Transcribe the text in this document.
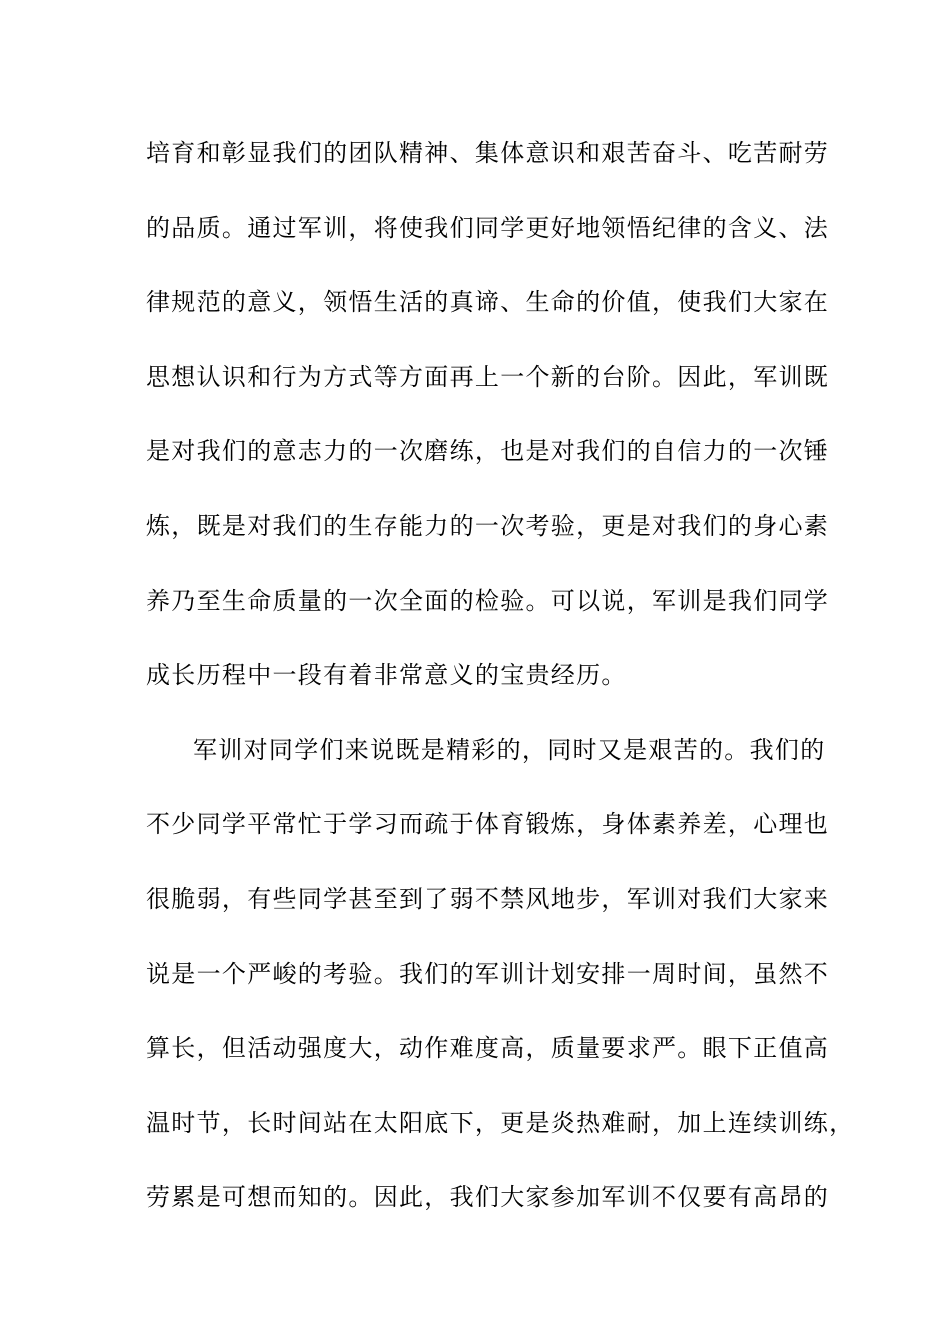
培育和彰显我们的团队精神、集体意识和艰苦奋斗、吃苦耐劳
的品质。通过军训，将使我们同学更好地领悟纪律的含义、法
律规范的意义，领悟生活的真谛、生命的价值，使我们大家在
思想认识和行为方式等方面再上一个新的台阶。因此，军训既
是对我们的意志力的一次磨练，也是对我们的自信力的一次锤
炼，既是对我们的生存能力的一次考验，更是对我们的身心素
养乃至生命质量的一次全面的检验。可以说，军训是我们同学
成长历程中一段有着非常意义的宝贵经历。
军训对同学们来说既是精彩的，同时又是艰苦的。我们的
不少同学平常忙于学习而疏于体育锻炼，身体素养差，心理也
很脆弱，有些同学甚至到了弱不禁风地步，军训对我们大家来
说是一个严峻的考验。我们的军训计划安排一周时间，虽然不
算长，但活动强度大，动作难度高，质量要求严。眼下正值高
温时节，长时间站在太阳底下，更是炎热难耐，加上连续训练，
劳累是可想而知的。因此，我们大家参加军训不仅要有高昂的
